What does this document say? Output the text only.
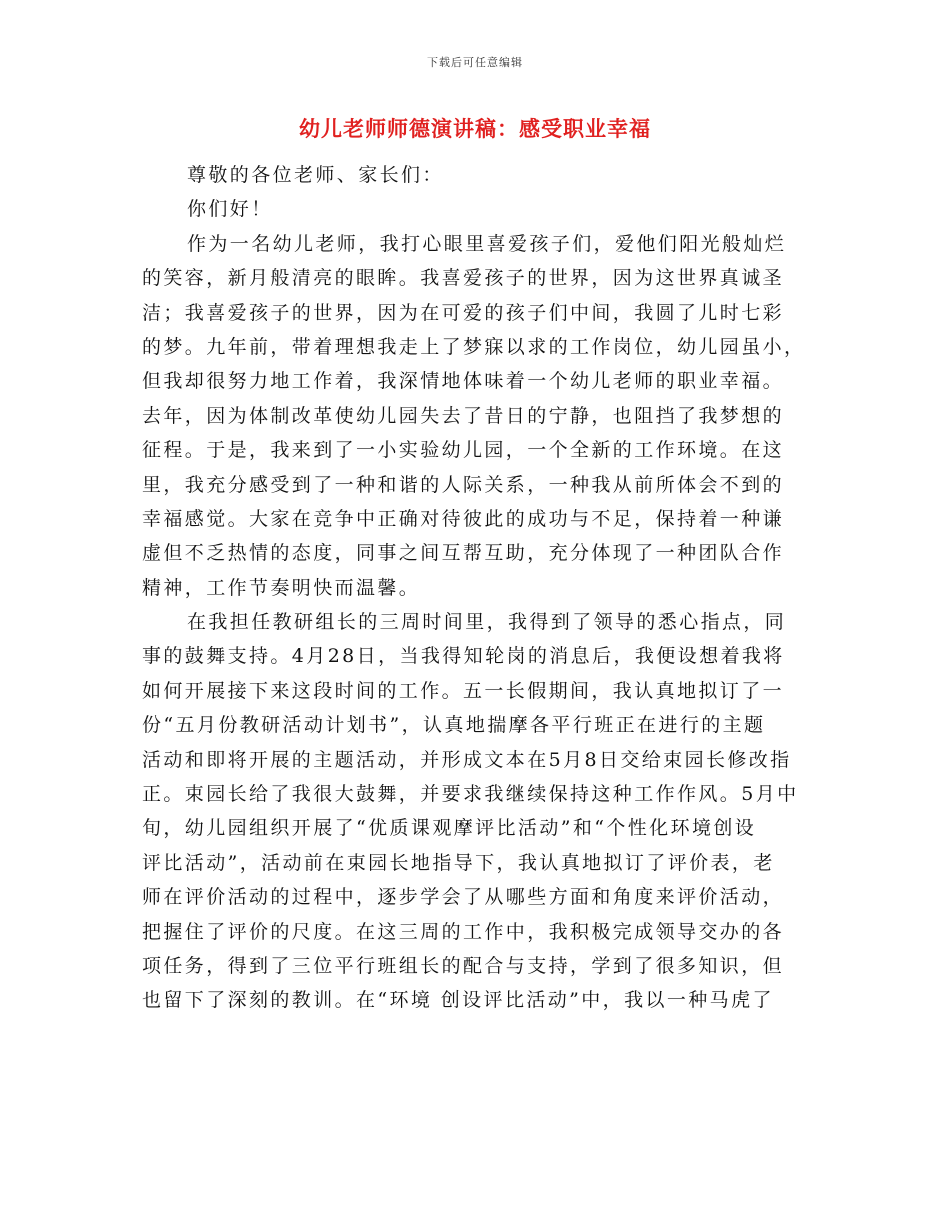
下载后可任意编辑
幼儿老师师德演讲稿：感受职业幸福
尊敬的各位老师、家长们：
你们好！
作为一名幼儿老师，我打心眼里喜爱孩子们，爱他们阳光般灿烂
的笑容，新月般清亮的眼眸。我喜爱孩子的世界，因为这世界真诚圣
洁；我喜爱孩子的世界，因为在可爱的孩子们中间，我圆了儿时七彩
的梦。九年前，带着理想我走上了梦寐以求的工作岗位，幼儿园虽小，
但我却很努力地工作着，我深情地体味着一个幼儿老师的职业幸福。
去年，因为体制改革使幼儿园失去了昔日的宁静，也阻挡了我梦想的
征程。于是，我来到了一小实验幼儿园，一个全新的工作环境。在这
里，我充分感受到了一种和谐的人际关系，一种我从前所体会不到的
幸福感觉。大家在竞争中正确对待彼此的成功与不足，保持着一种谦
虚但不乏热情的态度，同事之间互帮互助，充分体现了一种团队合作
精神，工作节奏明快而温馨。
在我担任教研组长的三周时间里，我得到了领导的悉心指点，同
事的鼓舞支持。4月28日，当我得知轮岗的消息后，我便设想着我将
如何开展接下来这段时间的工作。五一长假期间，我认真地拟订了一
份“五月份教研活动计划书”，认真地揣摩各平行班正在进行的主题
活动和即将开展的主题活动，并形成文本在5月8日交给束园长修改指
正。束园长给了我很大鼓舞，并要求我继续保持这种工作作风。5月中
旬，幼儿园组织开展了“优质课观摩评比活动”和“个性化环境创设
评比活动”，活动前在束园长地指导下，我认真地拟订了评价表，老
师在评价活动的过程中，逐步学会了从哪些方面和角度来评价活动，
把握住了评价的尺度。在这三周的工作中，我积极完成领导交办的各
项任务，得到了三位平行班组长的配合与支持，学到了很多知识，但
也留下了深刻的教训。在“环境 创设评比活动”中，我以一种马虎了
